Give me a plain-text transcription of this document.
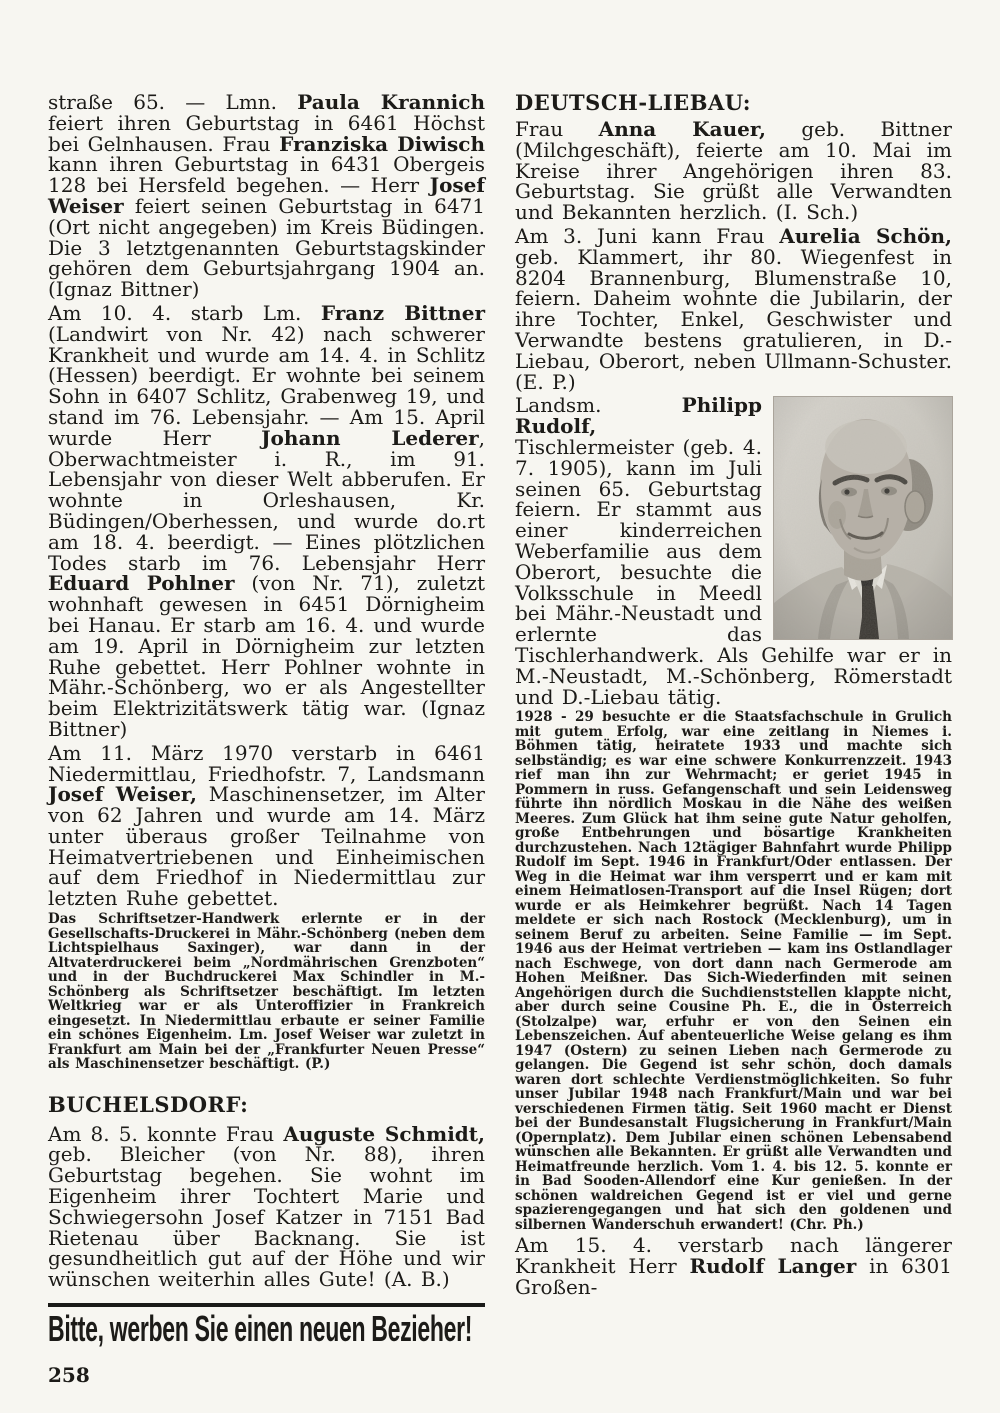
straße 65. — Lmn. Paula Krannich feiert ihren Geburtstag in 6461 Höchst bei Gelnhausen. Frau Franziska Diwisch kann ihren Geburtstag in 6431 Obergeis 128 bei Hersfeld begehen. — Herr Josef Weiser feiert seinen Geburtstag in 6471 (Ort nicht angegeben) im Kreis Büdingen. Die 3 letztgenannten Geburtstagskinder gehören dem Geburtsjahrgang 1904 an. (Ignaz Bittner)

Am 10. 4. starb Lm. Franz Bittner (Landwirt von Nr. 42) nach schwerer Krankheit und wurde am 14. 4. in Schlitz (Hessen) beerdigt. Er wohnte bei seinem Sohn in 6407 Schlitz, Grabenweg 19, und stand im 76. Lebensjahr. — Am 15. April wurde Herr Johann Lederer, Oberwachtmeister i. R., im 91. Lebensjahr von dieser Welt abberufen. Er wohnte in Orleshausen, Kr. Büdingen/Oberhessen, und wurde do.rt am 18. 4. beerdigt. — Eines plötzlichen Todes starb im 76. Lebensjahr Herr Eduard Pohlner (von Nr. 71), zuletzt wohnhaft gewesen in 6451 Dörnigheim bei Hanau. Er starb am 16. 4. und wurde am 19. April in Dörnigheim zur letzten Ruhe gebettet. Herr Pohlner wohnte in Mähr.-Schönberg, wo er als Angestellter beim Elektrizitätswerk tätig war. (Ignaz Bittner)

Am 11. März 1970 verstarb in 6461 Niedermittlau, Friedhofstr. 7, Landsmann Josef Weiser, Maschinensetzer, im Alter von 62 Jahren und wurde am 14. März unter überaus großer Teilnahme von Heimatvertriebenen und Einheimischen auf dem Friedhof in Niedermittlau zur letzten Ruhe gebettet.

Das Schriftsetzer-Handwerk erlernte er in der Gesellschafts-Druckerei in Mähr.-Schönberg (neben dem Lichtspielhaus Saxinger), war dann in der Altvaterdruckerei beim „Nordmährischen Grenzboten“ und in der Buchdruckerei Max Schindler in M.-Schönberg als Schriftsetzer beschäftigt. Im letzten Weltkrieg war er als Unteroffizier in Frankreich eingesetzt. In Niedermittlau erbaute er seiner Familie ein schönes Eigenheim. Lm. Josef Weiser war zuletzt in Frankfurt am Main bei der „Frankfurter Neuen Presse“ als Maschinensetzer beschäftigt. (P.)

BUCHELSDORF:

Am 8. 5. konnte Frau Auguste Schmidt, geb. Bleicher (von Nr. 88), ihren Geburtstag begehen. Sie wohnt im Eigenheim ihrer Tochtert Marie und Schwiegersohn Josef Katzer in 7151 Bad Rietenau über Backnang. Sie ist gesundheitlich gut auf der Höhe und wir wünschen weiterhin alles Gute! (A. B.)

Bitte, werben Sie einen neuen Bezieher!
258
DEUTSCH-LIEBAU:

Frau Anna Kauer, geb. Bittner (Milchgeschäft), feierte am 10. Mai im Kreise ihrer Angehörigen ihren 83. Geburtstag. Sie grüßt alle Verwandten und Bekannten herzlich. (I. Sch.)

Am 3. Juni kann Frau Aurelia Schön, geb. Klammert, ihr 80. Wiegenfest in 8204 Brannenburg, Blumenstraße 10, feiern. Daheim wohnte die Jubilarin, der ihre Tochter, Enkel, Geschwister und Verwandte bestens gratulieren, in D.-Liebau, Oberort, neben Ullmann-Schuster. (E. P.)

Landsm. Philipp Rudolf, Tischlermeister (geb. 4. 7. 1905), kann im Juli seinen 65. Geburtstag feiern. Er stammt aus einer kinderreichen Weberfamilie aus dem Oberort, besuchte die Volksschule in Meedl bei Mähr.-Neustadt und erlernte das Tischlerhandwerk. Als Gehilfe war er in M.-Neustadt, M.-Schönberg, Römerstadt und D.-Liebau tätig.

1928 - 29 besuchte er die Staatsfachschule in Grulich mit gutem Erfolg, war eine zeitlang in Niemes i. Böhmen tätig, heiratete 1933 und machte sich selbständig; es war eine schwere Konkurrenzzeit. 1943 rief man ihn zur Wehrmacht; er geriet 1945 in Pommern in russ. Gefangenschaft und sein Leidensweg führte ihn nördlich Moskau in die Nähe des weißen Meeres. Zum Glück hat ihm seine gute Natur geholfen, große Entbehrungen und bösartige Krankheiten durchzustehen. Nach 12tägiger Bahnfahrt wurde Philipp Rudolf im Sept. 1946 in Frankfurt/Oder entlassen. Der Weg in die Heimat war ihm versperrt und er kam mit einem Heimatlosen-Transport auf die Insel Rügen; dort wurde er als Heimkehrer begrüßt. Nach 14 Tagen meldete er sich nach Rostock (Mecklenburg), um in seinem Beruf zu arbeiten. Seine Familie — im Sept. 1946 aus der Heimat vertrieben — kam ins Ostlandlager nach Eschwege, von dort dann nach Germerode am Hohen Meißner. Das Sich-Wiederfinden mit seinen Angehörigen durch die Suchdienststellen klappte nicht, aber durch seine Cousine Ph. E., die in Österreich (Stolzalpe) war, erfuhr er von den Seinen ein Lebenszeichen. Auf abenteuerliche Weise gelang es ihm 1947 (Ostern) zu seinen Lieben nach Germerode zu gelangen. Die Gegend ist sehr schön, doch damals waren dort schlechte Verdienstmöglichkeiten. So fuhr unser Jubilar 1948 nach Frankfurt/Main und war bei verschiedenen Firmen tätig. Seit 1960 macht er Dienst bei der Bundesanstalt Flugsicherung in Frankfurt/Main (Opernplatz). Dem Jubilar einen schönen Lebensabend wünschen alle Bekannten. Er grüßt alle Verwandten und Heimatfreunde herzlich. Vom 1. 4. bis 12. 5. konnte er in Bad Sooden-Allendorf eine Kur genießen. In der schönen waldreichen Gegend ist er viel und gerne spazierengegangen und hat sich den goldenen und silbernen Wanderschuh erwandert! (Chr. Ph.)

Am 15. 4. verstarb nach längerer Krankheit Herr Rudolf Langer in 6301 Großen-
